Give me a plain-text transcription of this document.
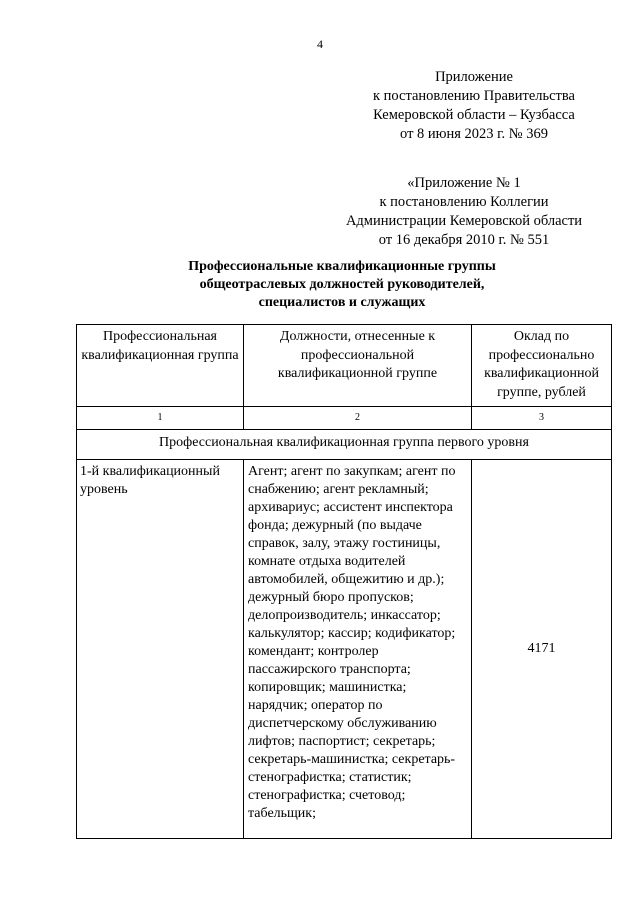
4
Приложение
к постановлению Правительства
Кемеровской области – Кузбасса
от 8 июня 2023 г. № 369
«Приложение № 1
к постановлению Коллегии
Администрации Кемеровской области
от 16 декабря 2010 г. № 551
Профессиональные квалификационные группы
общеотраслевых должностей руководителей,
специалистов и служащих
Профессиональная квалификационная группа	Должности, отнесенные к профессиональной квалификационной группе	Оклад по профессионально квалификационной группе, рублей
1	2	3
Профессиональная квалификационная группа первого уровня		
1-й квалификационный уровень	Агент; агент по закупкам; агент по снабжению; агент рекламный; архивариус; ассистент инспектора фонда; дежурный (по выдаче справок, залу, этажу гостиницы, комнате отдыха водителей автомобилей, общежитию и др.); дежурный бюро пропусков; делопроизводитель; инкассатор; калькулятор; кассир; кодификатор; комендант; контролер пассажирского транспорта; копировщик; машинистка; нарядчик; оператор по диспетчерскому обслуживанию лифтов; паспортист; секретарь; секретарь-машинистка; секретарь-стенографистка; статистик; стенографистка; счетовод; табельщик;	4171
